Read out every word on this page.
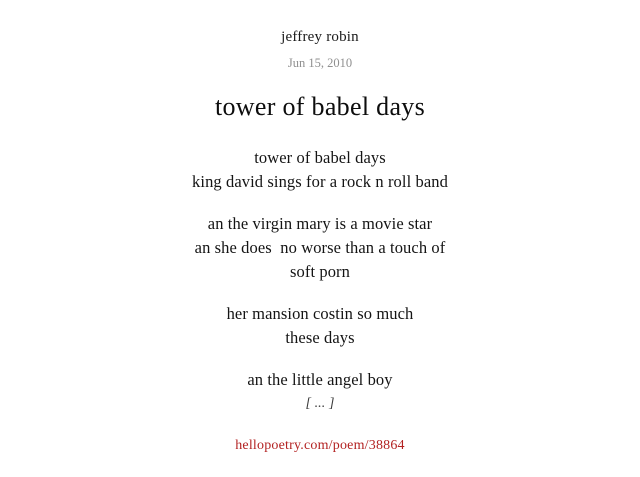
jeffrey robin
Jun 15, 2010
tower of babel days
tower of babel days
king david sings for a rock n roll band
an the virgin mary is a movie star
an she does  no worse than a touch of
soft porn
her mansion costin so much
these days
an the little angel boy
[ ... ]
hellopoetry.com/poem/38864
